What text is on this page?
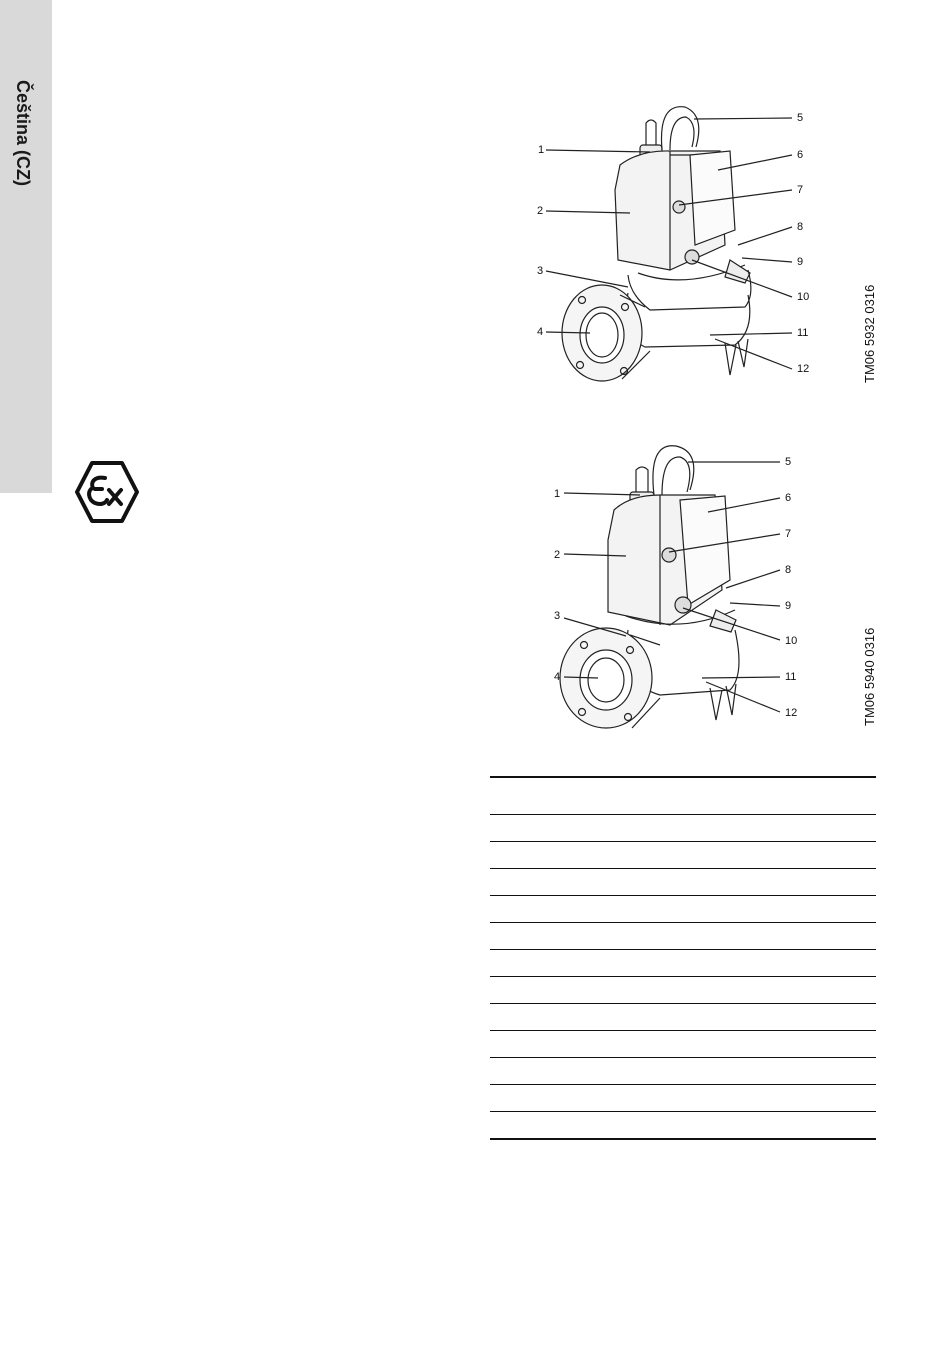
Čeština (CZ)	1
2
3
4
5
6
7
8
9
10
11
12	TM06 5932 0316
1
2
3
4
5
6
7
8
9
10
11
12	TM06 5940 0316
